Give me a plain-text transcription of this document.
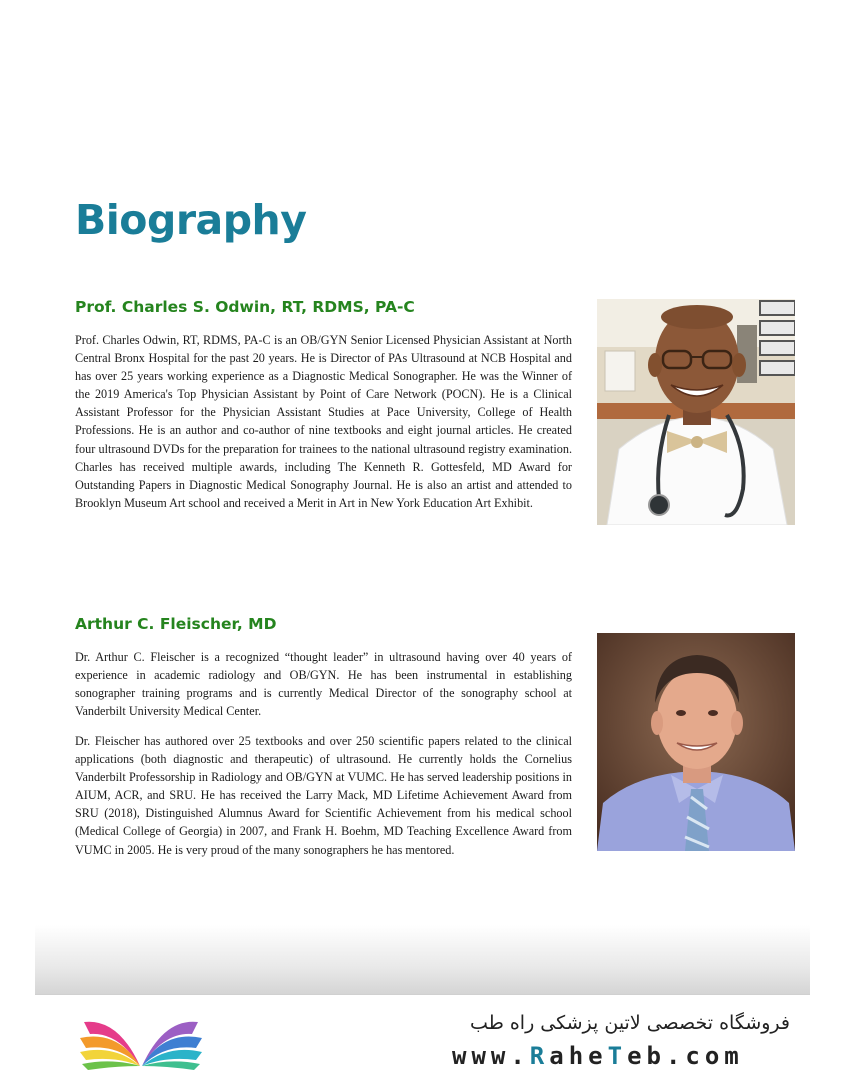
Biography
Prof. Charles S. Odwin, RT, RDMS, PA-C

Prof. Charles Odwin, RT, RDMS, PA-C is an OB/GYN Senior Licensed Physician Assistant at North Central Bronx Hospital for the past 20 years. He is Director of PAs Ultrasound at NCB Hospital and has over 25 years working experience as a Diagnostic Medical Sonographer. He was the Winner of the 2019 America's Top Physician Assistant by Point of Care Network (POCN). He is a Clinical Assistant Professor for the Physician Assistant Studies at Pace University, College of Health Professions. He is an author and co-author of nine textbooks and eight journal articles. He created four ultrasound DVDs for the preparation for trainees to the national ultrasound registry examination. Charles has received multiple awards, including The Kenneth R. Gottesfeld, MD Award for Outstanding Papers in Diagnostic Medical Sonography Journal. He is also an artist and attended to Brooklyn Museum Art school and received a Merit in Art in New York Education Art Exhibit.

Arthur C. Fleischer, MD

Dr. Arthur C. Fleischer is a recognized “thought leader” in ultrasound having over 40 years of experience in academic radiology and OB/GYN. He has been instrumental in establishing sonographer training programs and is currently Medical Director of the sonography school at Vanderbilt University Medical Center.

Dr. Fleischer has authored over 25 textbooks and over 250 scientific papers related to the clinical applications (both diagnostic and therapeutic) of ultrasound. He currently holds the Cornelius Vanderbilt Professorship in Radiology and OB/GYN at VUMC. He has served leadership positions in AIUM, ACR, and SRU. He has received the Larry Mack, MD Lifetime Achievement Award from SRU (2018), Distinguished Alumnus Award for Scientific Achievement from his medical school (Medical College of Georgia) in 2007, and Frank H. Boehm, MD Teaching Excellence Award from VUMC in 2005. He is very proud of the many sonographers he has mentored.

فروشگاه تخصصی لاتین پزشکی راه طب

www.RaheTeb.com
